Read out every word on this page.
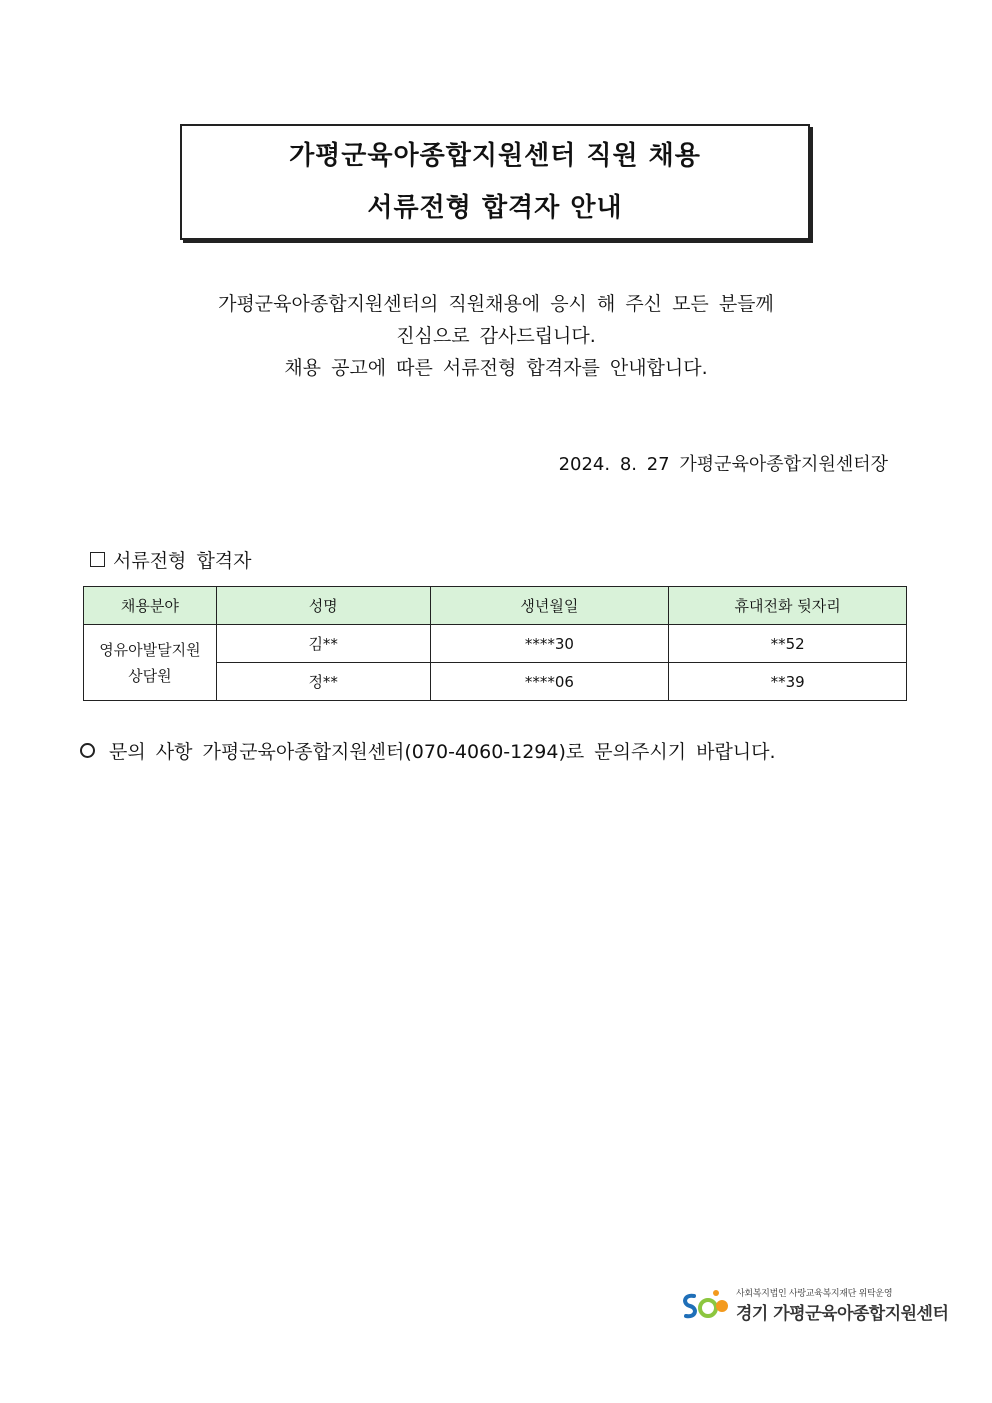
가평군육아종합지원센터 직원 채용
서류전형 합격자 안내
가평군육아종합지원센터의 직원채용에 응시 해 주신 모든 분들께
진심으로 감사드립니다.
채용 공고에 따른 서류전형 합격자를 안내합니다.
2024. 8. 27 가평군육아종합지원센터장
서류전형 합격자
채용분야	성명	생년월일	휴대전화 뒷자리

영유아발달지원
상담원	김**	****30	**52
	정**	****06	**39
문의 사항 가평군육아종합지원센터(070-4060-1294)로 문의주시기 바랍니다.
사회복지법인 사랑교육복지재단 위탁운영
경기 가평군육아종합지원센터
